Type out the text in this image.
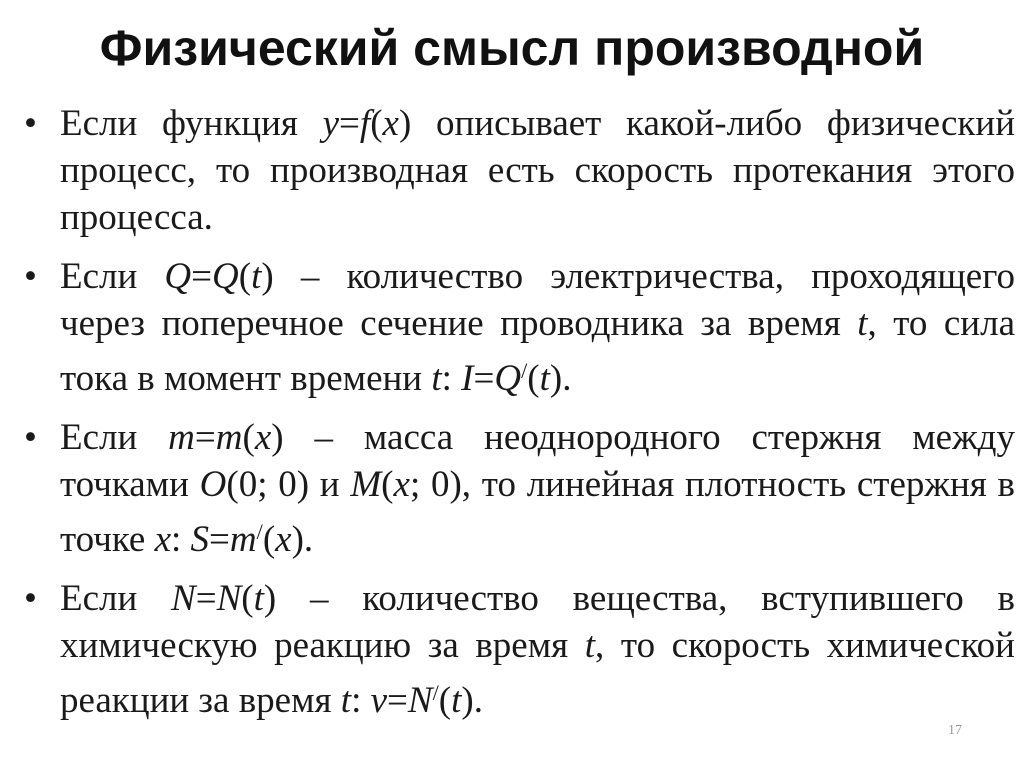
Физический смысл производной
• Если функция y=f(x) описывает какой-либо физический процесс, то производная есть скорость протекания этого процесса.
• Если Q=Q(t) – количество электричества, проходящего через поперечное сечение проводника за время t, то сила тока в момент времени t: I=Q/(t).
• Если m=m(x) – масса неоднородного стержня между точками O(0; 0) и M(x; 0), то линейная плотность стержня в точке x: S=m/(x).
• Если N=N(t) – количество вещества, вступившего в химическую реакцию за время t, то скорость химической реакции за время t: v=N/(t).
17
